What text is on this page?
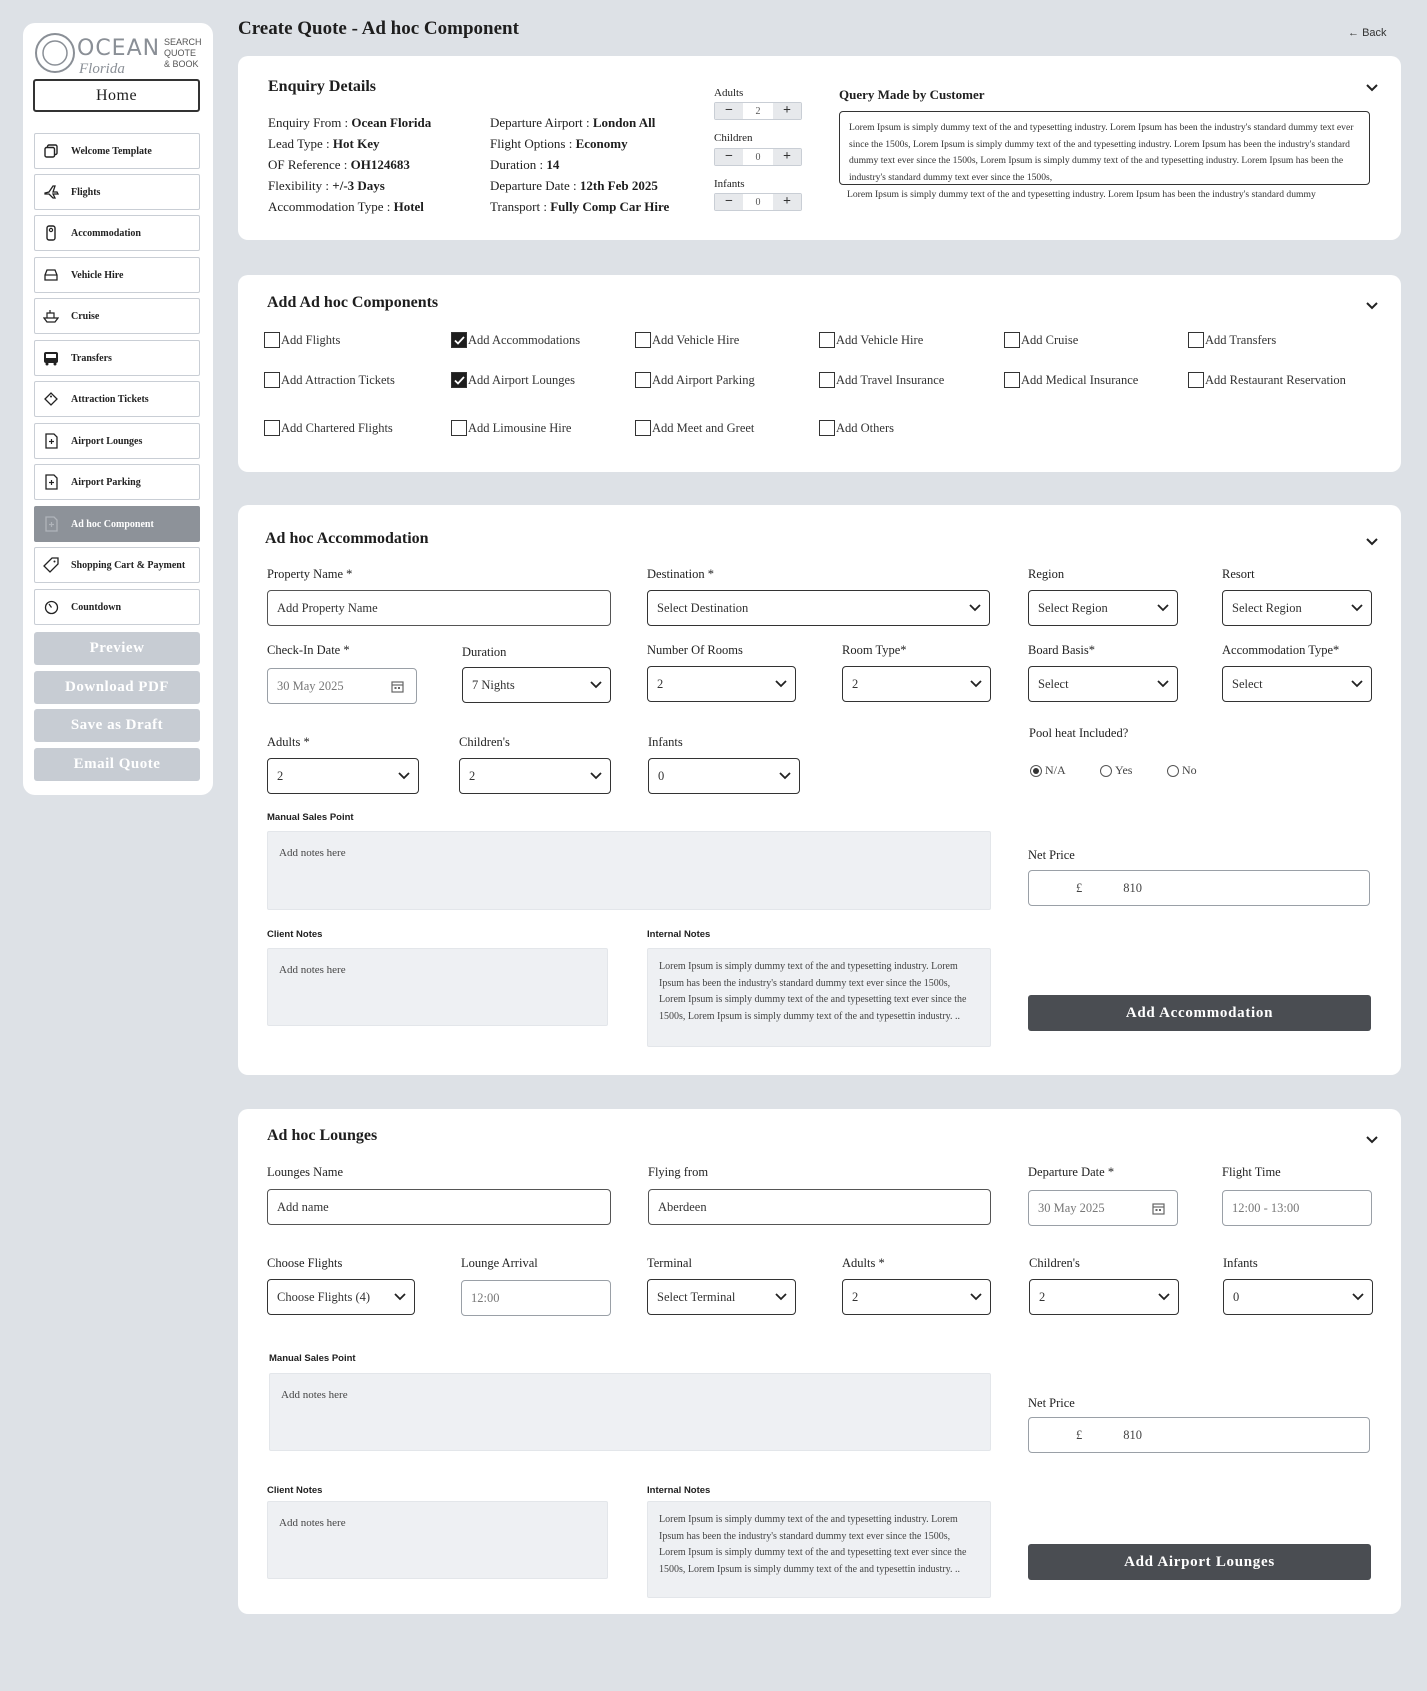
OCEAN
Florida
SEARCH
QUOTE
& BOOK
Home
Welcome Template
Flights
Accommodation
Vehicle Hire
Cruise
Transfers
Attraction Tickets
Airport Lounges
Airport Parking
Ad hoc Component
Shopping Cart & Payment
Countdown
Preview
Download PDF
Save as Draft
Email Quote
Create Quote - Ad hoc Component	← Back
Enquiry Details
Enquiry From : Ocean Florida
Lead Type : Hot Key
OF Reference : OH124683
Flexibility : +/-3 Days
Accommodation Type : Hotel
Departure Airport : London All
Flight Options : Economy
Duration : 14
Departure Date : 12th Feb 2025
Transport : Fully Comp Car Hire
Adults
−	2	+
Children
−	0	+
Infants
−	0	+
Query Made by Customer
Lorem Ipsum is simply dummy text of the and typesetting industry. Lorem Ipsum has been the industry's standard dummy text ever since the 1500s, Lorem Ipsum is simply dummy text of the and typesetting industry. Lorem Ipsum has been the industry's standard dummy text ever since the 1500s, Lorem Ipsum is simply dummy text of the and typesetting industry. Lorem Ipsum has been the industry's standard dummy text ever since the 1500s,
Lorem Ipsum is simply dummy text of the and typesetting industry. Lorem Ipsum has been the industry's standard dummy
Add Ad hoc Components
Add Flights	Add Accommodations	Add Vehicle Hire	Add Vehicle Hire	Add Cruise	Add Transfers
Add Attraction Tickets	Add Airport Lounges	Add Airport Parking	Add Travel Insurance	Add Medical Insurance	Add Restaurant Reservation
Add Chartered Flights	Add Limousine Hire	Add Meet and Greet	Add Others
Ad hoc Accommodation
Property Name *
Add Property Name
Destination *
Select Destination
Region
Select Region
Resort
Select Region
Check-In Date *
30 May 2025
Duration
7 Nights
Number Of Rooms
2
Room Type*
2
Board Basis*
Select
Accommodation Type*
Select
Adults *
2
Children's
2
Infants
0
Pool heat Included?
N/A	Yes	No
Manual Sales Point
Add notes here	Net Price
£	810
Client Notes
Add notes here
Internal Notes
Lorem Ipsum is simply dummy text of the and typesetting industry. Lorem Ipsum has been the industry's standard dummy text ever since the 1500s, Lorem Ipsum is simply dummy text of the and typesetting text ever since the 1500s, Lorem Ipsum is simply dummy text of the and typesettin industry. ..	Add Accommodation
Ad hoc Lounges
Lounges Name
Add name
Flying from
Aberdeen
Departure Date *
30 May 2025
Flight Time
12:00 - 13:00
Choose Flights
Choose Flights (4)
Lounge Arrival
12:00
Terminal
Select Terminal
Adults *
2
Children's
2
Infants
0
Manual Sales Point
Add notes here
Net Price
£	810
Client Notes
Add notes here
Internal Notes
Lorem Ipsum is simply dummy text of the and typesetting industry. Lorem Ipsum has been the industry's standard dummy text ever since the 1500s, Lorem Ipsum is simply dummy text of the and typesetting text ever since the 1500s, Lorem Ipsum is simply dummy text of the and typesettin industry. ..	Add Airport Lounges
